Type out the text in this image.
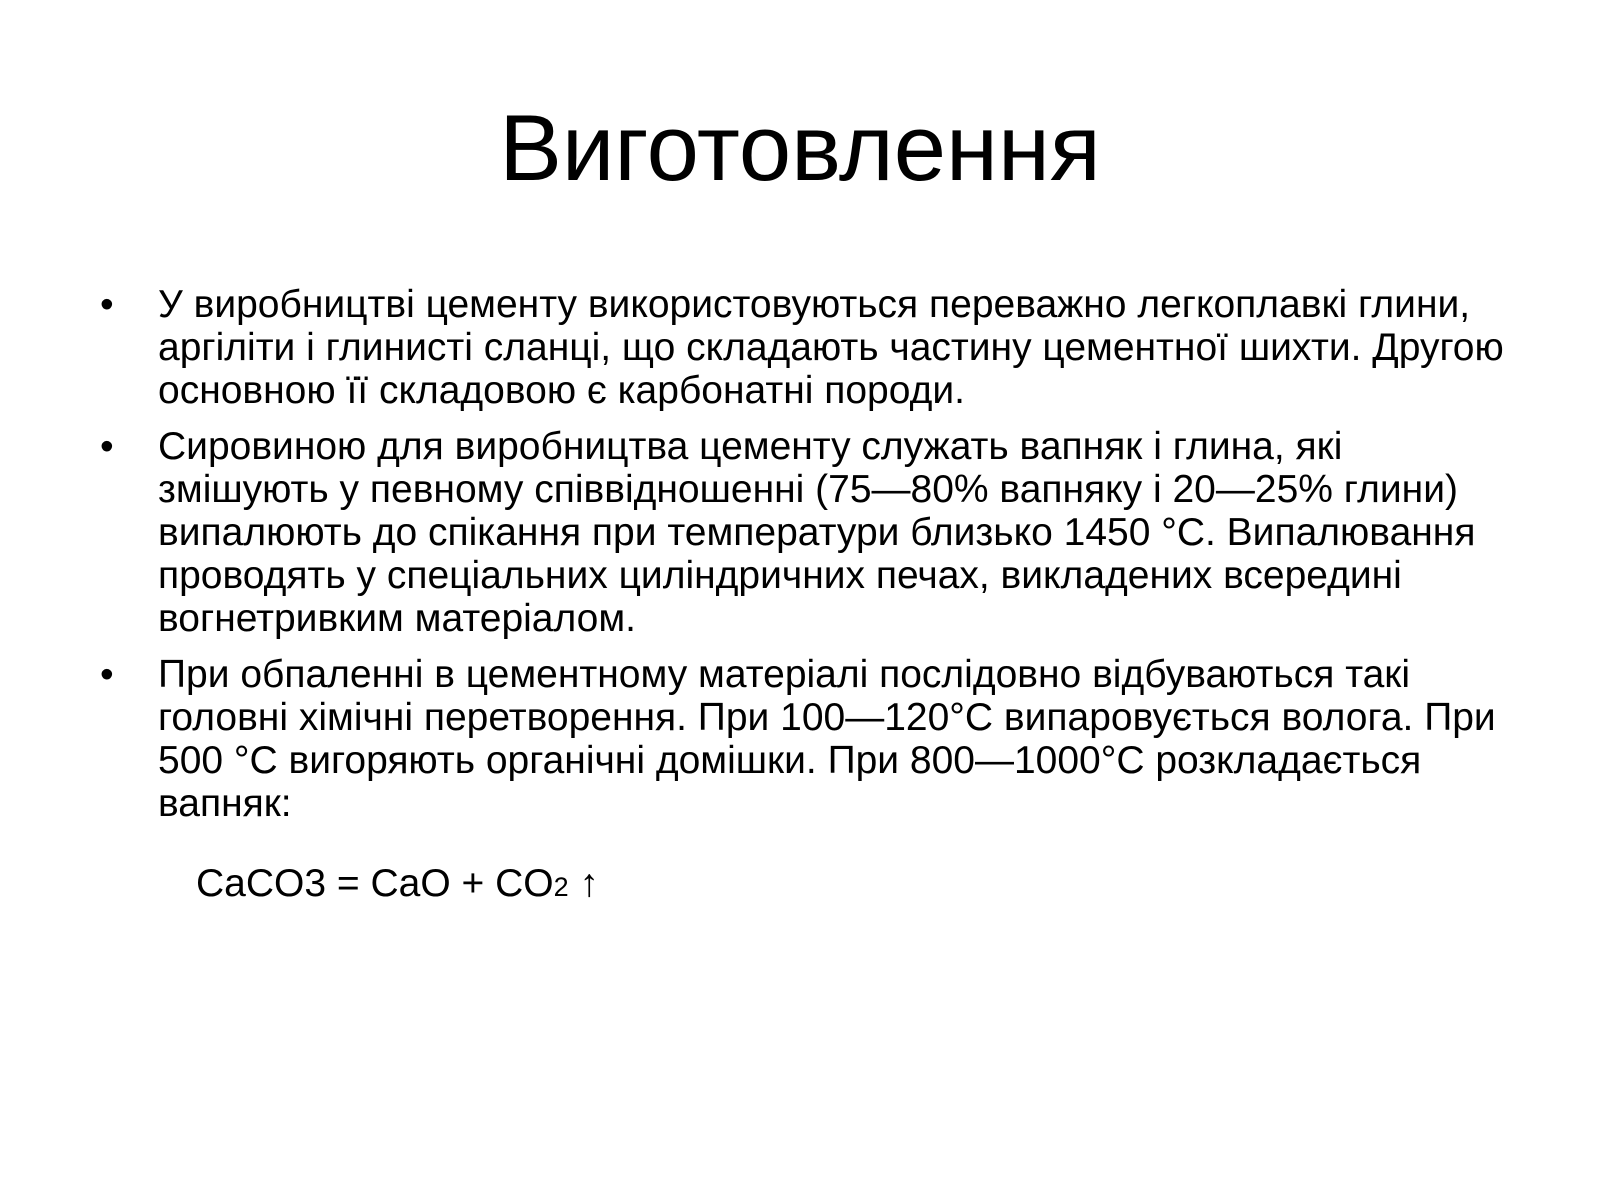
Виготовлення
•	У виробництві цементу використовуються переважно легкоплавкі глини, аргіліти і глинисті сланці, що складають частину цементної шихти. Другою основною її складовою є карбонатні породи.
•	Сировиною для виробництва цементу служать вапняк і глина, які змішують у певному співвідношенні (75—80% вапняку і 20—25% глини) випалюють до спікання при температури близько 1450 °С. Випалювання проводять у спеціальних циліндричних печах, викладених всередині вогнетривким матеріалом.
•	При обпаленні в цементному матеріалі послідовно відбуваються такі головні хімічні перетворення. При 100—120°С випаровується волога. При 500 °С вигоряють органічні домішки. При 800—1000°С розкладається вапняк:
CaCO3 = CaO + CO2 ↑
